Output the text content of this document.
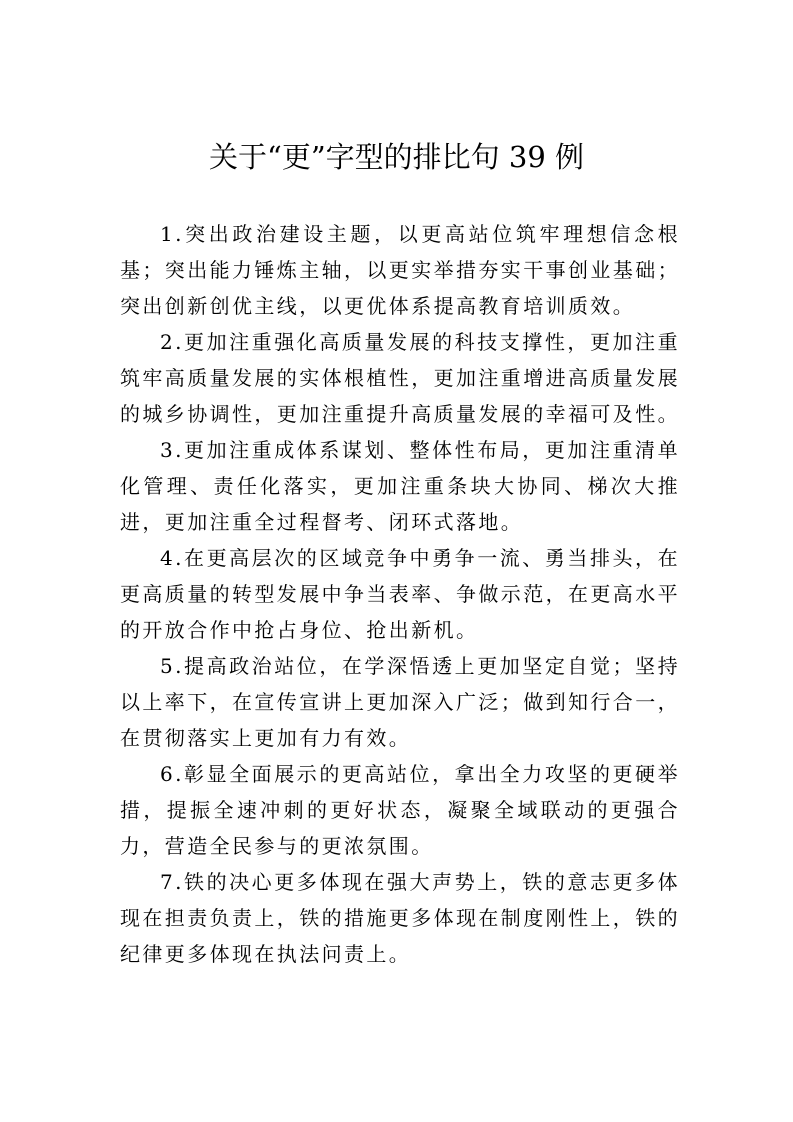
关于“更”字型的排比句 39 例

1.突出政治建设主题，以更高站位筑牢理想信念根基；突出能力锤炼主轴，以更实举措夯实干事创业基础；突出创新创优主线，以更优体系提高教育培训质效。

2.更加注重强化高质量发展的科技支撑性，更加注重筑牢高质量发展的实体根植性，更加注重增进高质量发展的城乡协调性，更加注重提升高质量发展的幸福可及性。

3.更加注重成体系谋划、整体性布局，更加注重清单化管理、责任化落实，更加注重条块大协同、梯次大推进，更加注重全过程督考、闭环式落地。

4.在更高层次的区域竞争中勇争一流、勇当排头，在更高质量的转型发展中争当表率、争做示范，在更高水平的开放合作中抢占身位、抢出新机。

5.提高政治站位，在学深悟透上更加坚定自觉；坚持以上率下，在宣传宣讲上更加深入广泛；做到知行合一，在贯彻落实上更加有力有效。

6.彰显全面展示的更高站位，拿出全力攻坚的更硬举措，提振全速冲刺的更好状态，凝聚全域联动的更强合力，营造全民参与的更浓氛围。

7.铁的决心更多体现在强大声势上，铁的意志更多体现在担责负责上，铁的措施更多体现在制度刚性上，铁的纪律更多体现在执法问责上。
